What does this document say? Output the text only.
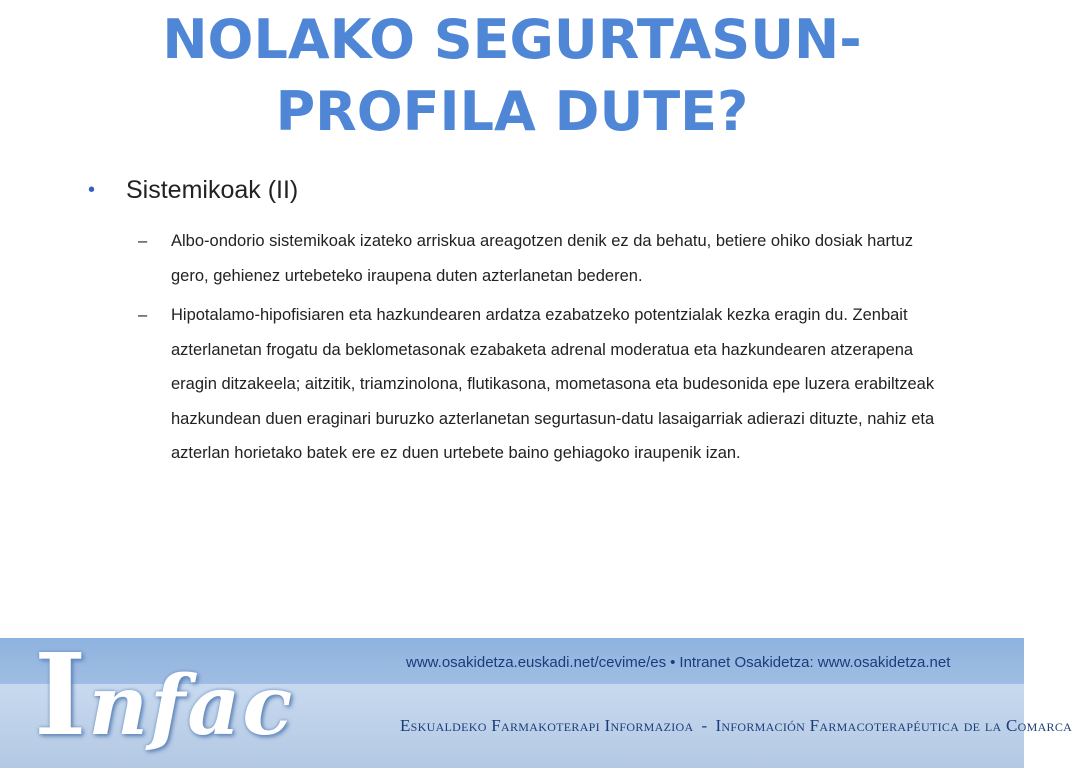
NOLAKO SEGURTASUN-
PROFILA DUTE?
• Sistemikoak (II)
– Albo-ondorio sistemikoak izateko arriskua areagotzen denik ez da behatu, betiere ohiko dosiak hartuz gero, gehienez urtebeteko iraupena duten azterlanetan bederen.
– Hipotalamo-hipofisiaren eta hazkundearen ardatza ezabatzeko potentzialak kezka eragin du. Zenbait azterlanetan frogatu da beklometasonak ezabaketa adrenal moderatua eta hazkundearen atzerapena eragin ditzakeela; aitzitik, triamzinolona, flutikasona, mometasona eta budesonida epe luzera erabiltzeak hazkundean duen eraginari buruzko azterlanetan segurtasun-datu lasaigarriak adierazi dituzte, nahiz eta azterlan horietako batek ere ez duen urtebete baino gehiagoko iraupenik izan.
Infac	www.osakidetza.euskadi.net/cevime/es • Intranet Osakidetza: www.osakidetza.net
Eskualdeko Farmakoterapi Informazioa - Información Farmacoterapéutica de la Comarca
